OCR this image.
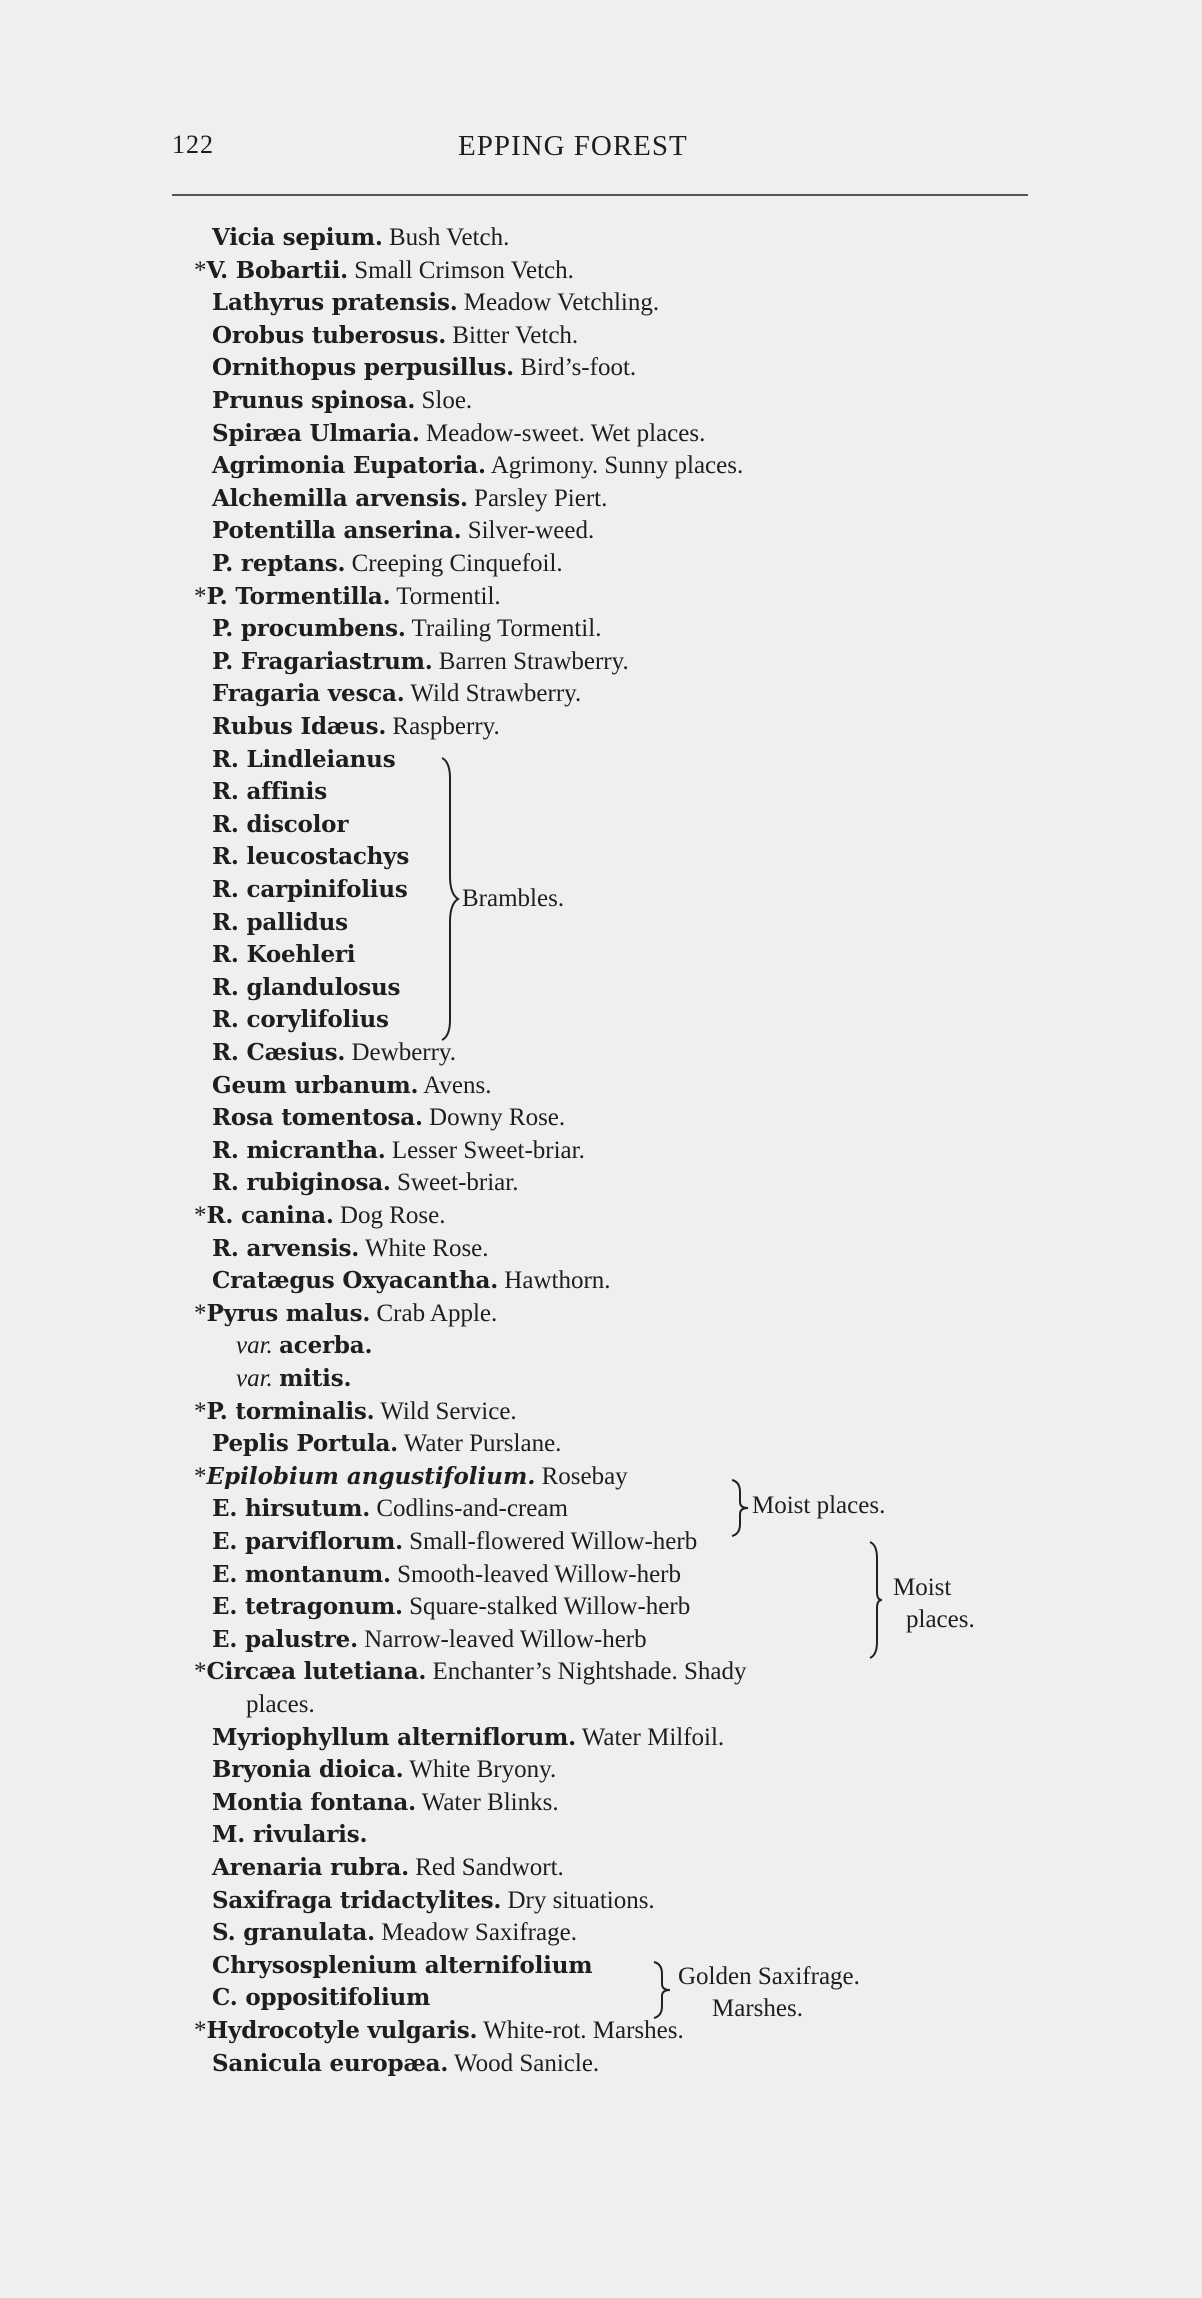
122	EPPING FOREST
Vicia sepium. Bush Vetch.
*V. Bobartii. Small Crimson Vetch.
Lathyrus pratensis. Meadow Vetchling.
Orobus tuberosus. Bitter Vetch.
Ornithopus perpusillus. Bird’s-foot.
Prunus spinosa. Sloe.
Spiræa Ulmaria. Meadow-sweet. Wet places.
Agrimonia Eupatoria. Agrimony. Sunny places.
Alchemilla arvensis. Parsley Piert.
Potentilla anserina. Silver-weed.
P. reptans. Creeping Cinquefoil.
*P. Tormentilla. Tormentil.
P. procumbens. Trailing Tormentil.
P. Fragariastrum. Barren Strawberry.
Fragaria vesca. Wild Strawberry.
Rubus Idæus. Raspberry.
R. Lindleianus
R. affinis
R. discolor
R. leucostachys
R. carpinifolius
R. pallidus
R. Koehleri
R. glandulosus
R. corylifolius
R. Cæsius. Dewberry.
Geum urbanum. Avens.
Rosa tomentosa. Downy Rose.
R. micrantha. Lesser Sweet-briar.
R. rubiginosa. Sweet-briar.
*R. canina. Dog Rose.
R. arvensis. White Rose.
Cratægus Oxyacantha. Hawthorn.
*Pyrus malus. Crab Apple.
var. acerba.
var. mitis.
*P. torminalis. Wild Service.
Peplis Portula. Water Purslane.
*Epilobium angustifolium. Rosebay
E. hirsutum. Codlins-and-cream
E. parviflorum. Small-flowered Willow-herb
E. montanum. Smooth-leaved Willow-herb
E. tetragonum. Square-stalked Willow-herb
E. palustre. Narrow-leaved Willow-herb
*Circæa lutetiana. Enchanter’s Nightshade. Shady
places.
Myriophyllum alterniflorum. Water Milfoil.
Bryonia dioica. White Bryony.
Montia fontana. Water Blinks.
M. rivularis.
Arenaria rubra. Red Sandwort.
Saxifraga tridactylites. Dry situations.
S. granulata. Meadow Saxifrage.
Chrysosplenium alternifolium
C. oppositifolium
*Hydrocotyle vulgaris. White-rot. Marshes.
Sanicula europæa. Wood Sanicle.
Brambles.
Moist places.
Moist
places.
Golden Saxifrage.
Marshes.
